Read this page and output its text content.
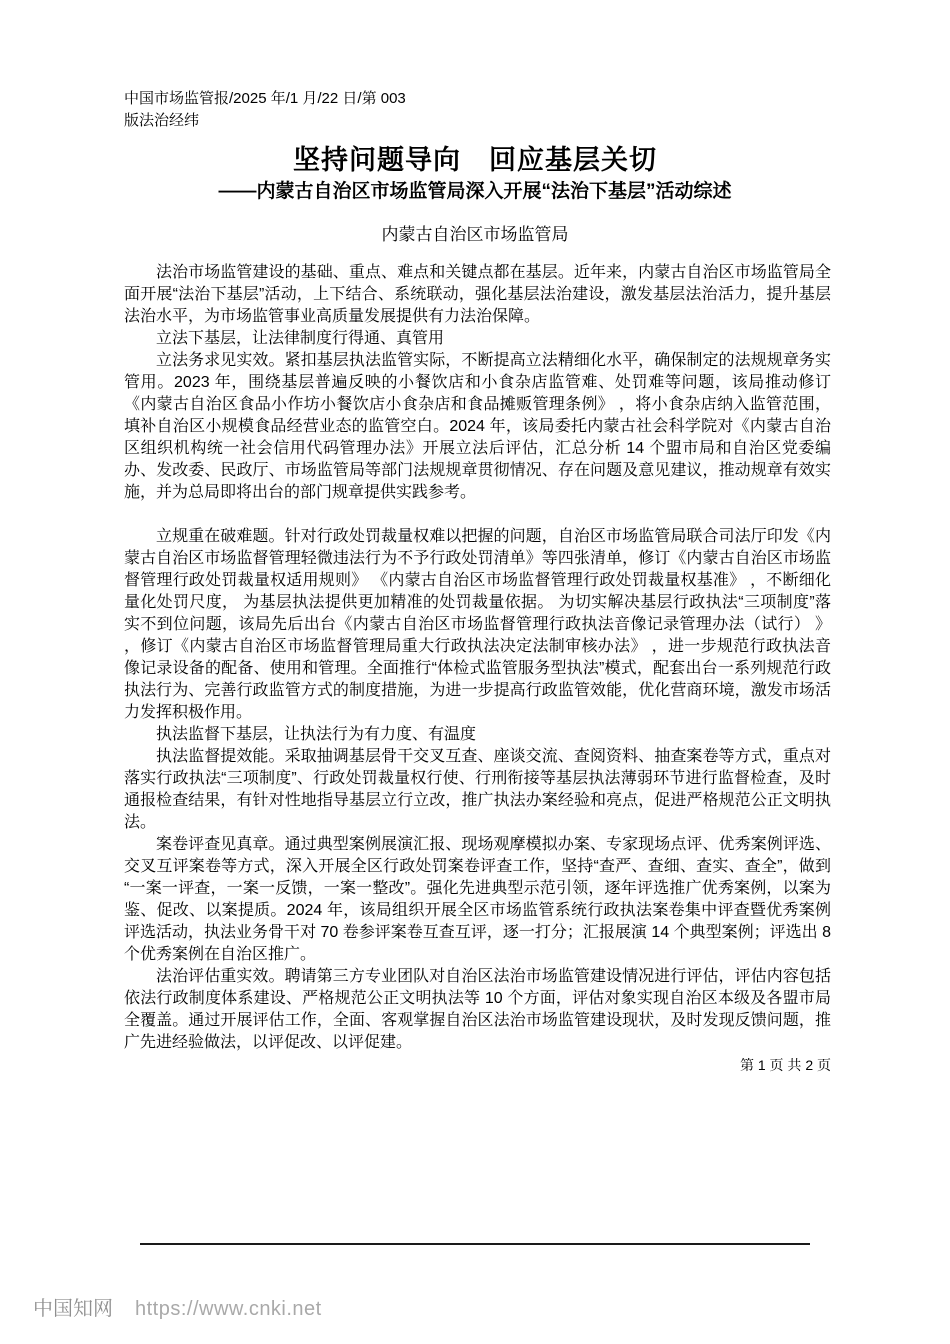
中国市场监管报/2025 年/1 月/22 日/第 003
版法治经纬
坚持问题导向　回应基层关切
——内蒙古自治区市场监管局深入开展“法治下基层”活动综述
内蒙古自治区市场监管局

法治市场监管建设的基础、重点、难点和关键点都在基层。近年来，内蒙古自治区市场监管局全面开展“法治下基层”活动，上下结合、系统联动，强化基层法治建设，激发基层法治活力，提升基层法治水平，为市场监管事业高质量发展提供有力法治保障。

立法下基层，让法律制度行得通、真管用

立法务求见实效。紧扣基层执法监管实际，不断提高立法精细化水平，确保制定的法规规章务实管用。2023 年，围绕基层普遍反映的小餐饮店和小食杂店监管难、处罚难等问题，该局推动修订《内蒙古自治区食品小作坊小餐饮店小食杂店和食品摊贩管理条例》 ，将小食杂店纳入监管范围，填补自治区小规模食品经营业态的监管空白。2024 年，该局委托内蒙古社会科学院对《内蒙古自治区组织机构统一社会信用代码管理办法》开展立法后评估，汇总分析 14 个盟市局和自治区党委编办、发改委、民政厅、市场监管局等部门法规规章贯彻情况、存在问题及意见建议，推动规章有效实施，并为总局即将出台的部门规章提供实践参考。

立规重在破难题。针对行政处罚裁量权难以把握的问题，自治区市场监管局联合司法厅印发《内蒙古自治区市场监督管理轻微违法行为不予行政处罚清单》等四张清单，修订《内蒙古自治区市场监督管理行政处罚裁量权适用规则》 《内蒙古自治区市场监督管理行政处罚裁量权基准》 ，不断细化量化处罚尺度， 为基层执法提供更加精准的处罚裁量依据。 为切实解决基层行政执法“三项制度”落实不到位问题，该局先后出台《内蒙古自治区市场监督管理行政执法音像记录管理办法（试行） 》 ，修订《内蒙古自治区市场监督管理局重大行政执法决定法制审核办法》 ，进一步规范行政执法音像记录设备的配备、使用和管理。全面推行“体检式监管服务型执法”模式，配套出台一系列规范行政执法行为、完善行政监管方式的制度措施，为进一步提高行政监管效能，优化营商环境，激发市场活力发挥积极作用。

执法监督下基层，让执法行为有力度、有温度

执法监督提效能。采取抽调基层骨干交叉互查、座谈交流、查阅资料、抽查案卷等方式，重点对落实行政执法“三项制度”、行政处罚裁量权行使、行刑衔接等基层执法薄弱环节进行监督检查，及时通报检查结果，有针对性地指导基层立行立改，推广执法办案经验和亮点，促进严格规范公正文明执法。

案卷评查见真章。通过典型案例展演汇报、现场观摩模拟办案、专家现场点评、优秀案例评选、交叉互评案卷等方式，深入开展全区行政处罚案卷评查工作，坚持“查严、查细、查实、查全”，做到“一案一评查，一案一反馈，一案一整改”。强化先进典型示范引领，逐年评选推广优秀案例，以案为鉴、促改、以案提质。2024 年，该局组织开展全区市场监管系统行政执法案卷集中评查暨优秀案例评选活动，执法业务骨干对 70 卷参评案卷互查互评，逐一打分；汇报展演 14 个典型案例；评选出 8 个优秀案例在自治区推广。

法治评估重实效。聘请第三方专业团队对自治区法治市场监管建设情况进行评估，评估内容包括依法行政制度体系建设、严格规范公正文明执法等 10 个方面，评估对象实现自治区本级及各盟市局全覆盖。通过开展评估工作，全面、客观掌握自治区法治市场监管建设现状，及时发现反馈问题，推广先进经验做法，以评促改、以评促建。

第 1 页 共 2 页

中国知网 https://www.cnki.net
